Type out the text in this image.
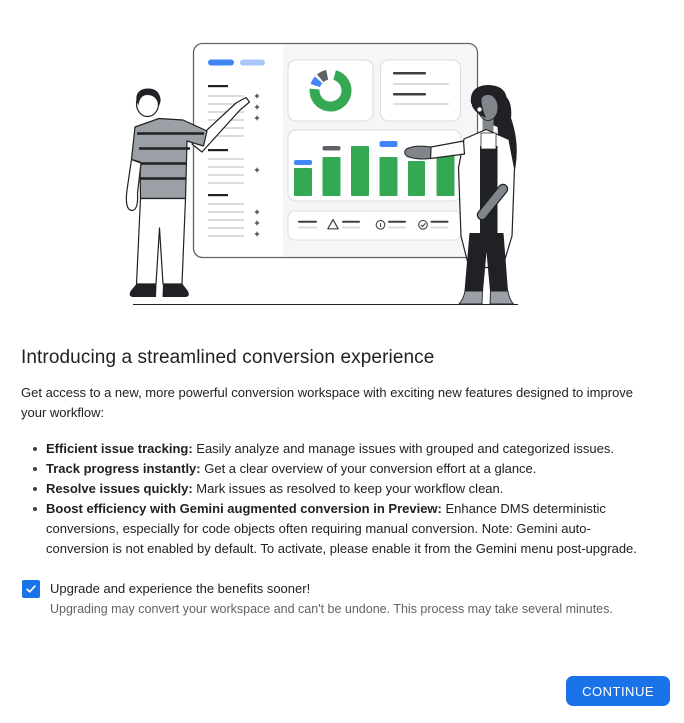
Introducing a streamlined conversion experience

Get access to a new, more powerful conversion workspace with exciting new features designed to improve your workflow:

Efficient issue tracking: Easily analyze and manage issues with grouped and categorized issues.
Track progress instantly: Get a clear overview of your conversion effort at a glance.
Resolve issues quickly: Mark issues as resolved to keep your workflow clean.
Boost efficiency with Gemini augmented conversion in Preview: Enhance DMS deterministic conversions, especially for code objects often requiring manual conversion. Note: Gemini auto-conversion is not enabled by default. To activate, please enable it from the Gemini menu post-upgrade.
Upgrade and experience the benefits sooner!
Upgrading may convert your workspace and can't be undone. This process may take several minutes.
CONTINUE
